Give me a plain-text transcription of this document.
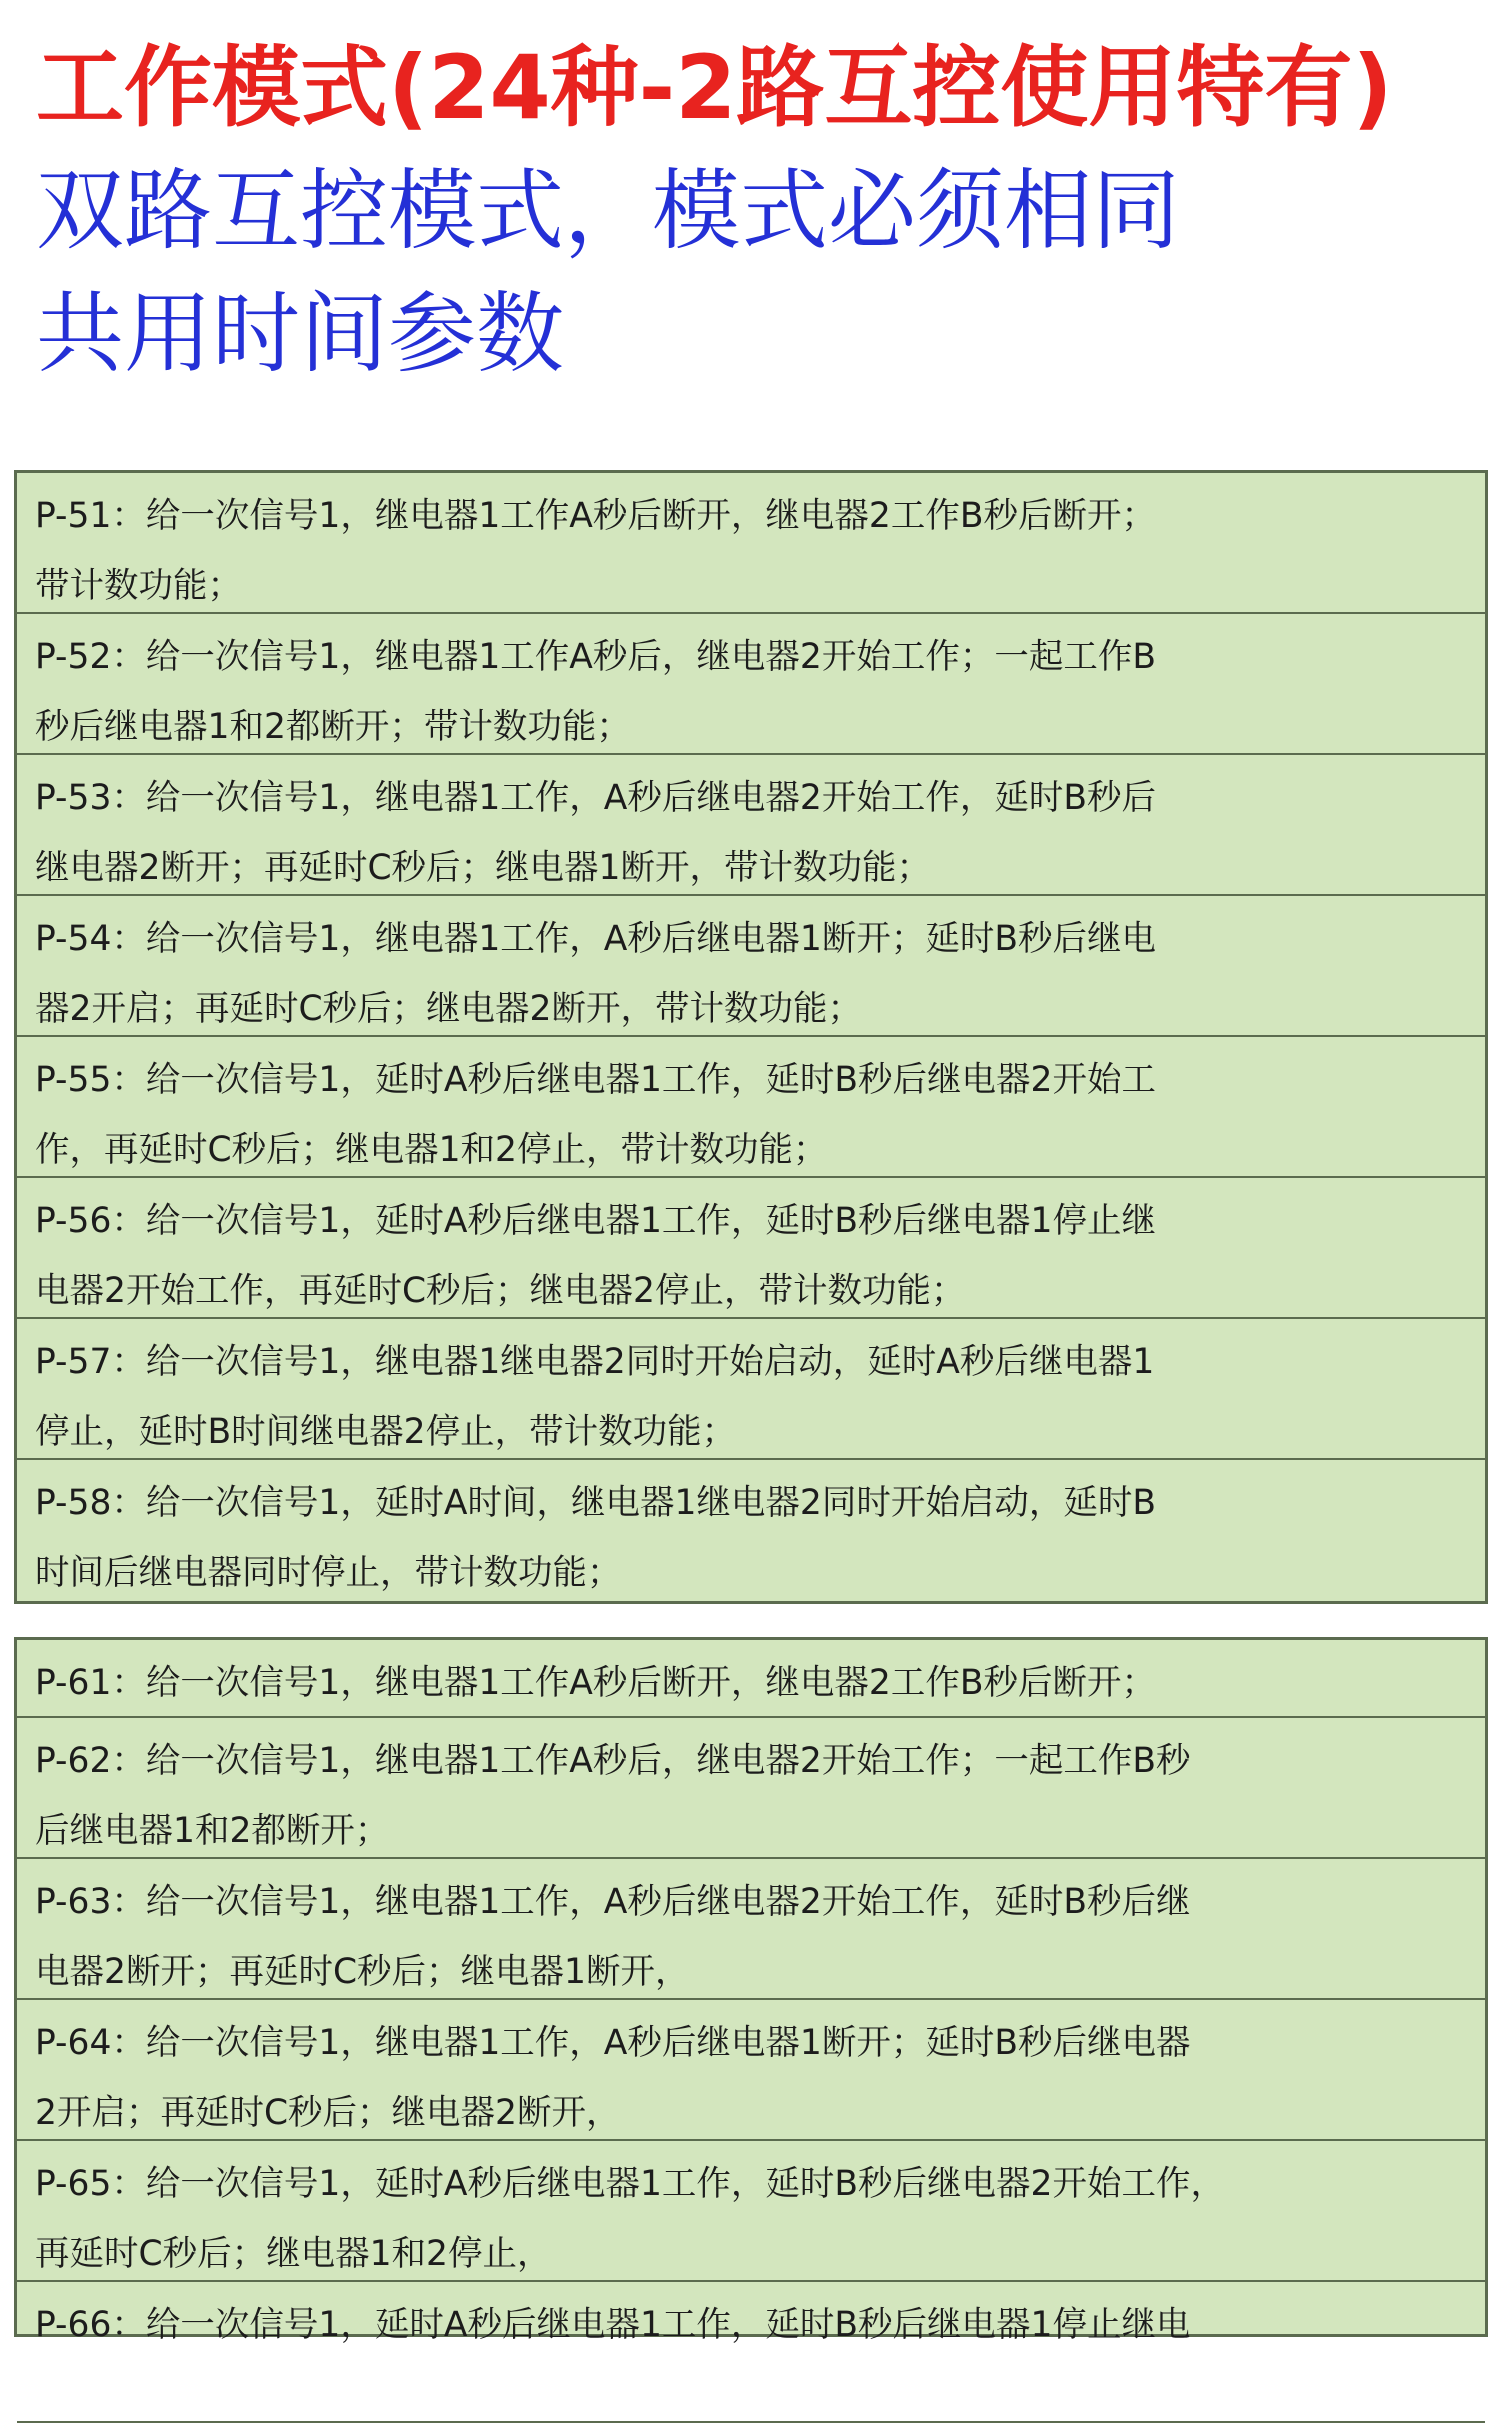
工作模式(24种-2路互控使用特有)
双路互控模式，模式必须相同
共用时间参数
P-51：给一次信号1，继电器1工作A秒后断开，继电器2工作B秒后断开；
带计数功能；
P-52：给一次信号1，继电器1工作A秒后，继电器2开始工作；一起工作B
秒后继电器1和2都断开；带计数功能；
P-53：给一次信号1，继电器1工作，A秒后继电器2开始工作，延时B秒后
继电器2断开；再延时C秒后；继电器1断开，带计数功能；
P-54：给一次信号1，继电器1工作，A秒后继电器1断开；延时B秒后继电
器2开启；再延时C秒后；继电器2断开，带计数功能；
P-55：给一次信号1，延时A秒后继电器1工作，延时B秒后继电器2开始工
作，再延时C秒后；继电器1和2停止，带计数功能；
P-56：给一次信号1，延时A秒后继电器1工作，延时B秒后继电器1停止继
电器2开始工作，再延时C秒后；继电器2停止，带计数功能；
P-57：给一次信号1，继电器1继电器2同时开始启动，延时A秒后继电器1
停止，延时B时间继电器2停止，带计数功能；
P-58：给一次信号1，延时A时间，继电器1继电器2同时开始启动，延时B
时间后继电器同时停止，带计数功能；
P-61：给一次信号1，继电器1工作A秒后断开，继电器2工作B秒后断开；
P-62：给一次信号1，继电器1工作A秒后，继电器2开始工作；一起工作B秒
后继电器1和2都断开；
P-63：给一次信号1，继电器1工作，A秒后继电器2开始工作，延时B秒后继
电器2断开；再延时C秒后；继电器1断开，
P-64：给一次信号1，继电器1工作，A秒后继电器1断开；延时B秒后继电器
2开启；再延时C秒后；继电器2断开，
P-65：给一次信号1，延时A秒后继电器1工作，延时B秒后继电器2开始工作，
再延时C秒后；继电器1和2停止，
P-66：给一次信号1，延时A秒后继电器1工作，延时B秒后继电器1停止继电
